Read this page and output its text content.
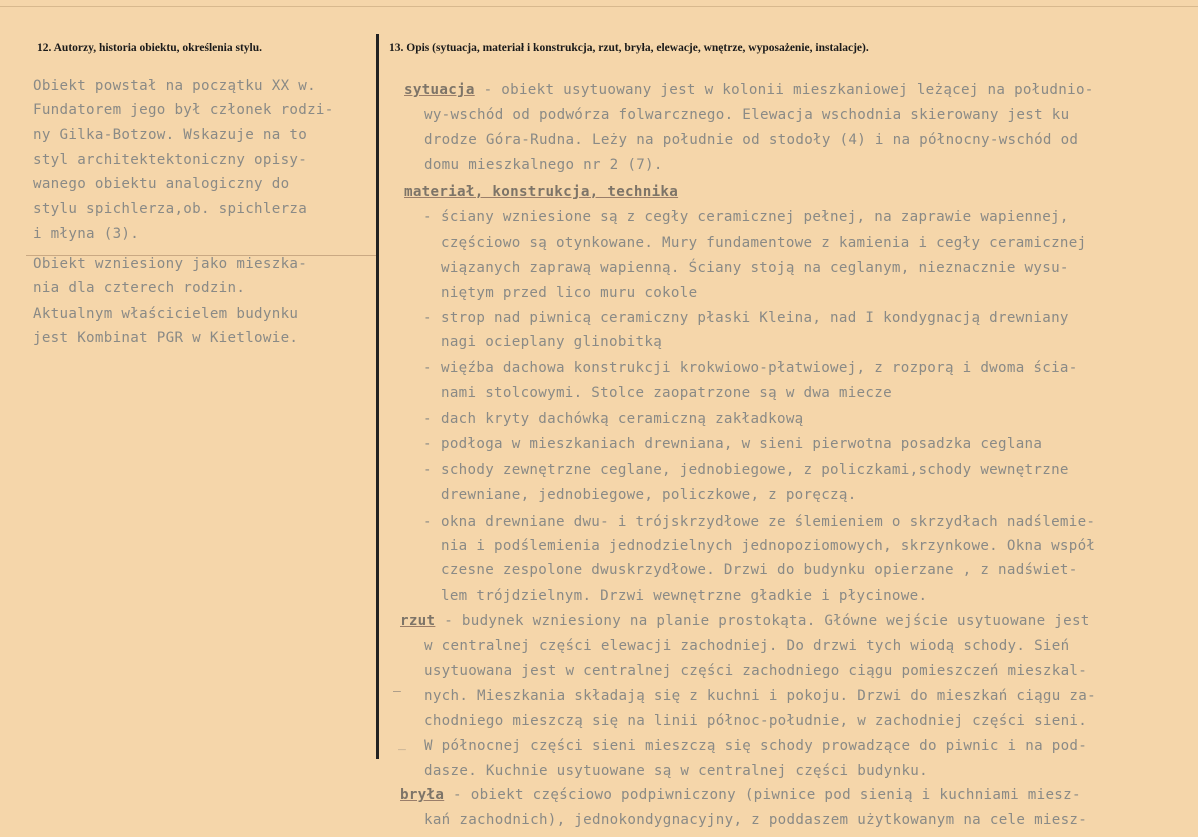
12. Autorzy, historia obiektu, określenia stylu.	13. Opis (sytuacja, materiał i konstrukcja, rzut, bryła, elewacje, wnętrze, wyposażenie, instalacje).
Obiekt powstał na początku XX w.
Fundatorem jego był członek rodzi-
ny Gilka-Botzow. Wskazuje na to
styl architektektoniczny opisy-
wanego obiektu analogiczny do
stylu spichlerza,ob. spichlerza
i młyna (3).
Obiekt wzniesiony jako mieszka-
nia dla czterech rodzin.
Aktualnym właścicielem budynku
jest Kombinat PGR w Kietlowie.
sytuacja - obiekt usytuowany jest w kolonii mieszkaniowej leżącej na południo-
wy-wschód od podwórza folwarcznego. Elewacja wschodnia skierowany jest ku
drodze Góra-Rudna. Leży na południe od stodoły (4) i na północny-wschód od
domu mieszkalnego nr 2 (7).
materiał, konstrukcja, technika
- ściany wzniesione są z cegły ceramicznej pełnej, na zaprawie wapiennej,
częściowo są otynkowane. Mury fundamentowe z kamienia i cegły ceramicznej
wiązanych zaprawą wapienną. Ściany stoją na ceglanym, nieznacznie wysu-
niętym przed lico muru cokole
- strop nad piwnicą ceramiczny płaski Kleina, nad I kondygnacją drewniany
nagi ocieplany glinobitką
- więźba dachowa konstrukcji krokwiowo-płatwiowej, z rozporą i dwoma ścia-
nami stolcowymi. Stolce zaopatrzone są w dwa miecze
- dach kryty dachówką ceramiczną zakładkową
- podłoga w mieszkaniach drewniana, w sieni pierwotna posadzka ceglana
- schody zewnętrzne ceglane, jednobiegowe, z policzkami,schody wewnętrzne
drewniane, jednobiegowe, policzkowe, z poręczą.
- okna drewniane dwu- i trójskrzydłowe ze ślemieniem o skrzydłach nadślemie-
nia i podślemienia jednodzielnych jednopoziomowych, skrzynkowe. Okna współ
czesne zespolone dwuskrzydłowe. Drzwi do budynku opierzane , z nadświet-
lem trójdzielnym. Drzwi wewnętrzne gładkie i płycinowe.
rzut - budynek wzniesiony na planie prostokąta. Główne wejście usytuowane jest
w centralnej części elewacji zachodniej. Do drzwi tych wiodą schody. Sień
usytuowana jest w centralnej części zachodniego ciągu pomieszczeń mieszkal-
nych. Mieszkania składają się z kuchni i pokoju. Drzwi do mieszkań ciągu za-
chodniego mieszczą się na linii północ-południe, w zachodniej części sieni.
W północnej części sieni mieszczą się schody prowadzące do piwnic i na pod-
dasze. Kuchnie usytuowane są w centralnej części budynku.
bryła - obiekt częściowo podpiwniczony (piwnice pod sienią i kuchniami miesz-
kań zachodnich), jednokondygnacyjny, z poddaszem użytkowanym na cele miesz-
—
_
